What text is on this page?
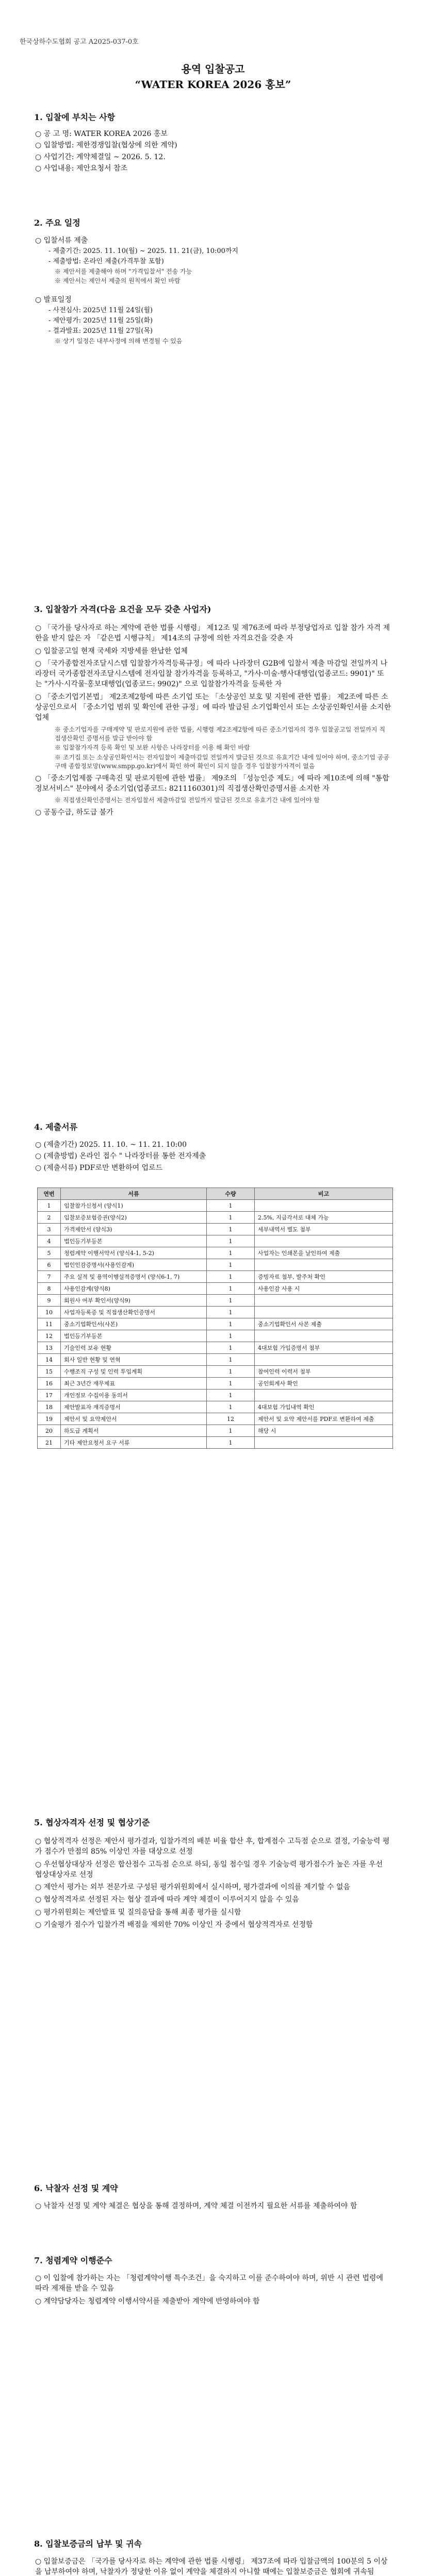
한국상하수도협회 공고 A2025-037-0호
용역 입찰공고
“WATER KOREA 2026 홍보”
1. 입찰에 부치는 사항
○ 공 고 명: WATER KOREA 2026 홍보
○ 입찰방법: 제한경쟁입찰(협상에 의한 계약)
○ 사업기간: 계약체결일 ~ 2026. 5. 12.
○ 사업내용: 제안요청서 참조
2. 주요 일정
○ 입찰서류 제출
- 제출기간: 2025. 11. 10(월) ~ 2025. 11. 21(금), 10:00까지
- 제출방법: 온라인 제출(가격투찰 포함)
※ 제안서를 제출해야 하며 "가격입찰서" 전송 가능
※ 제안서는 제안서 제출의 원칙에서 확인 바람
○ 발표일정
- 사전심사: 2025년 11월 24일(월)
- 제안평가: 2025년 11월 25일(화)
- 결과발표: 2025년 11월 27일(목)
※ 상기 일정은 내부사정에 의해 변경될 수 있음
3. 입찰참가 자격(다음 요건을 모두 갖춘 사업자)
○ 「국가를 당사자로 하는 계약에 관한 법률 시행령」 제12조 및 제76조에 따라 부정당업자로 입찰 참가 자격 제한을 받지 않은 자 「같은법 시행규칙」 제14조의 규정에 의한 자격요건을 갖춘 자
○ 입찰공고일 현재 국세와 지방세를 완납한 업체
○ 「국가종합전자조달시스템 입찰참가자격등록규정」에 따라 나라장터 G2B에 입찰서 제출 마감일 전일까지 나라장터 국가종합전자조달시스템에 전자입찰 참가자격을 등록하고, "가사·미술·행사대행업(업종코드: 9901)" 또는 "가사·시각물·홍보대행업(업종코드: 9902)" 으로 입찰참가자격을 등록한 자
○ 「중소기업기본법」 제2조제2항에 따른 소기업 또는 「소상공인 보호 및 지원에 관한 법률」 제2조에 따른 소상공인으로서 「중소기업 범위 및 확인에 관한 규정」에 따라 발급된 소기업확인서 또는 소상공인확인서를 소지한 업체
※ 중소기업자를 구매계약 및 판로지원에 관한 법률, 시행령 제2조제2항에 따른 중소기업자의 경우 입찰공고일 전일까지 직접생산확인 증명서를 발급 받아야 함
※ 입찰참가자격 등록 확인 및 보완 사항은 나라장터를 이용 해 확인 바람
※ 조기집 또는 소상공인확인서는 전자입찰이 제출마감일 전일까지 발급된 것으로 유효기간 내에 있어야 하며, 중소기업 공공구매 종합정보망(www.smpp.go.kr)에서 확인 하여 확인이 되지 않을 경우 입찰참가자격이 없음
○ 「중소기업제품 구매촉진 및 판로지원에 관한 법률」 제9조의 「성능인증 제도」에 따라 제10조에 의해 "통합정보서비스" 분야에서 중소기업(업종코드: 8211160301)의 직접생산확인증명서를 소지한 자
※ 직접생산확인증명서는 전자입찰서 제출마감일 전일까지 발급된 것으로 유효기간 내에 있어야 함
○ 공동수급, 하도급 불가
4. 제출서류
○ (제출기간) 2025. 11. 10. ~ 11. 21. 10:00
○ (제출방법) 온라인 접수 " 나라장터를 통한 전자제출
○ (제출서류) PDF로만 변환하여 업로드
연번	서류	수량	비고
1	입찰참가신청서 (양식1)	1	
2	입찰보증보험증권(양식2)	1	2.5%, 지급각서로 대체 가능
3	가격제안서 (양식3)	1	세부내역서 별도 첨부
4	법인등기부등본	1	
5	청렴계약 이행서약서 (양식4-1, 5-2)	1	사업자는 인쇄본을 날인하여 제출
6	법인인감증명서(사용인감계)	1	
7	주요 실적 및 용역이행실적증명서 (양식6-1, 7)	1	증빙자료 첨부, 발주처 확인
8	사용인감계(양식8)	1	사용인감 사용 시
9	회원사 여부 확인서(양식9)	1	
10	사업자등록증 및 직접생산확인증명서	1	
11	중소기업확인서(사본)	1	중소기업확인서 사본 제출
12	법인등기부등본	1	
13	기술인력 보유 현황	1	4대보험 가입증명서 첨부
14	회사 일반 현황 및 연혁	1	
15	수행조직 구성 및 인력 투입계획	1	참여인력 이력서 첨부
16	최근 3년간 재무제표	1	공인회계사 확인
17	개인정보 수집이용 동의서	1	
18	제안발표자 재직증명서	1	4대보험 가입내역 확인
19	제안서 및 요약제안서	12	제안서 및 요약 제안서를 PDF로 변환하여 제출
20	하도급 계획서	1	해당 시
21	기타 제안요청서 요구 서류	1	
5. 협상자격자 선정 및 협상기준
○ 협상적격자 선정은 제안서 평가결과, 입찰가격의 배분 비율 합산 후, 합계점수 고득점 순으로 결정, 기술능력 평가 점수가 만점의 85% 이상인 자를 대상으로 선정
○ 우선협상대상자 선정은 합산점수 고득점 순으로 하되, 동일 점수일 경우 기술능력 평가점수가 높은 자를 우선 협상대상자로 선정
○ 제안서 평가는 외부 전문가로 구성된 평가위원회에서 실시하며, 평가결과에 이의를 제기할 수 없음
○ 협상적격자로 선정된 자는 협상 결과에 따라 계약 체결이 이루어지지 않을 수 있음
○ 평가위원회는 제안발표 및 질의응답을 통해 최종 평가를 실시함
○ 기술평가 점수가 입찰가격 배점을 제외한 70% 이상인 자 중에서 협상적격자로 선정함
6. 낙찰자 선정 및 계약
○ 낙찰자 선정 및 계약 체결은 협상을 통해 결정하며, 계약 체결 이전까지 필요한 서류를 제출하여야 함
7. 청렴계약 이행준수
○ 이 입찰에 참가하는 자는 「청렴계약이행 특수조건」을 숙지하고 이를 준수하여야 하며, 위반 시 관련 법령에 따라 제재를 받을 수 있음
○ 계약담당자는 청렴계약 이행서약서를 제출받아 계약에 반영하여야 함
8. 입찰보증금의 납부 및 귀속
○ 입찰보증금은 「국가를 당사자로 하는 계약에 관한 법률 시행령」 제37조에 따라 입찰금액의 100분의 5 이상을 납부하여야 하며, 낙찰자가 정당한 이유 없이 계약을 체결하지 아니할 때에는 입찰보증금은 협회에 귀속됨
